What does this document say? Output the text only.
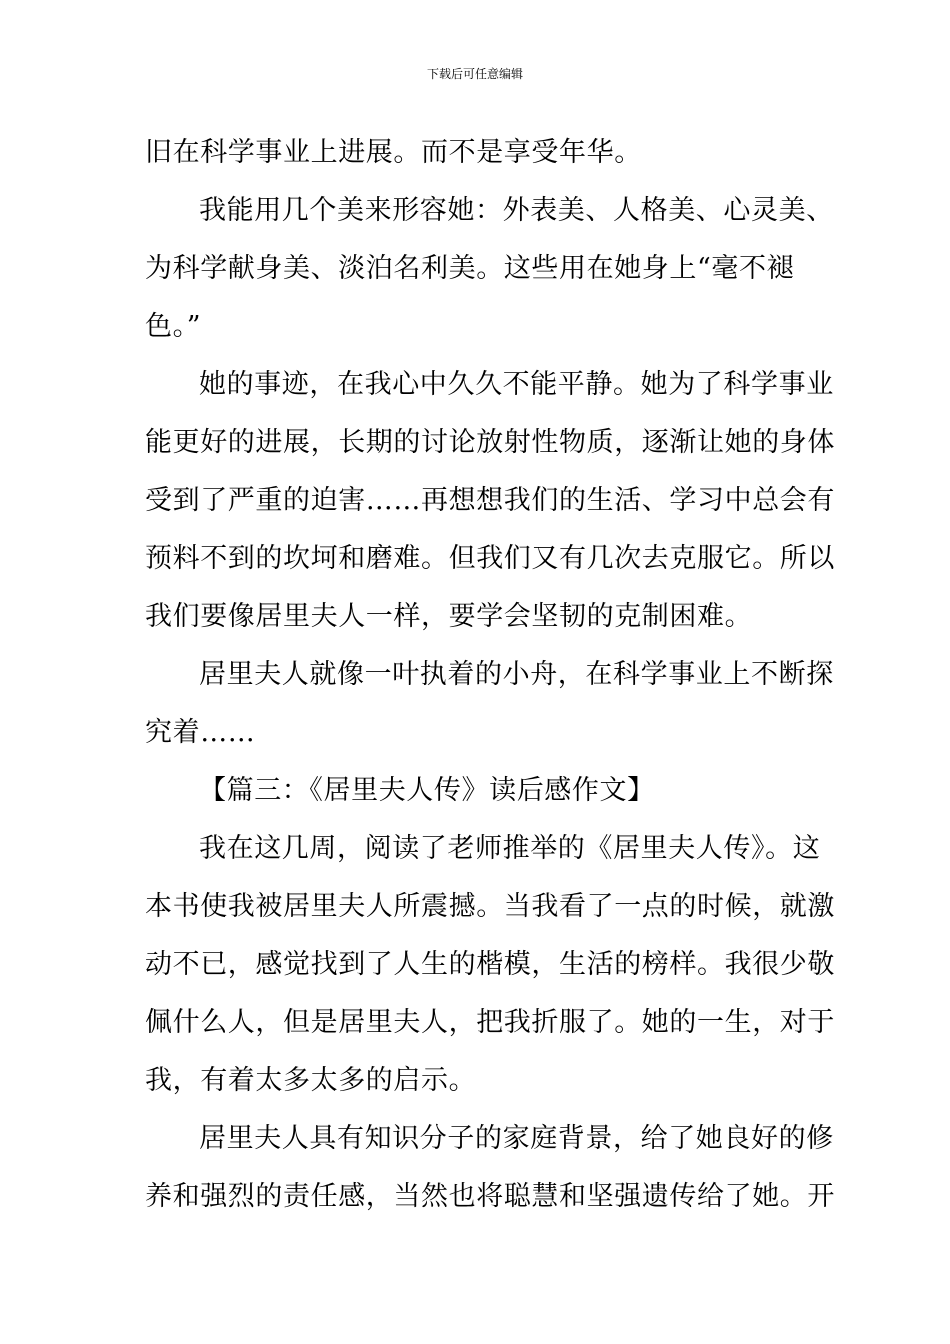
下载后可任意编辑
旧在科学事业上进展。而不是享受年华。
我能用几个美来形容她：外表美、人格美、心灵美、
为科学献身美、淡泊名利美。这些用在她身上“毫不褪
色。”
她的事迹，在我心中久久不能平静。她为了科学事业
能更好的进展，长期的讨论放射性物质，逐渐让她的身体
受到了严重的迫害……再想想我们的生活、学习中总会有
预料不到的坎坷和磨难。但我们又有几次去克服它。所以
我们要像居里夫人一样，要学会坚韧的克制困难。
居里夫人就像一叶执着的小舟，在科学事业上不断探
究着……
【篇三：《居里夫人传》读后感作文】
我在这几周，阅读了老师推举的《居里夫人传》。这
本书使我被居里夫人所震撼。当我看了一点的时候，就激
动不已，感觉找到了人生的楷模，生活的榜样。我很少敬
佩什么人，但是居里夫人，把我折服了。她的一生，对于
我，有着太多太多的启示。
居里夫人具有知识分子的家庭背景，给了她良好的修
养和强烈的责任感，当然也将聪慧和坚强遗传给了她。开
